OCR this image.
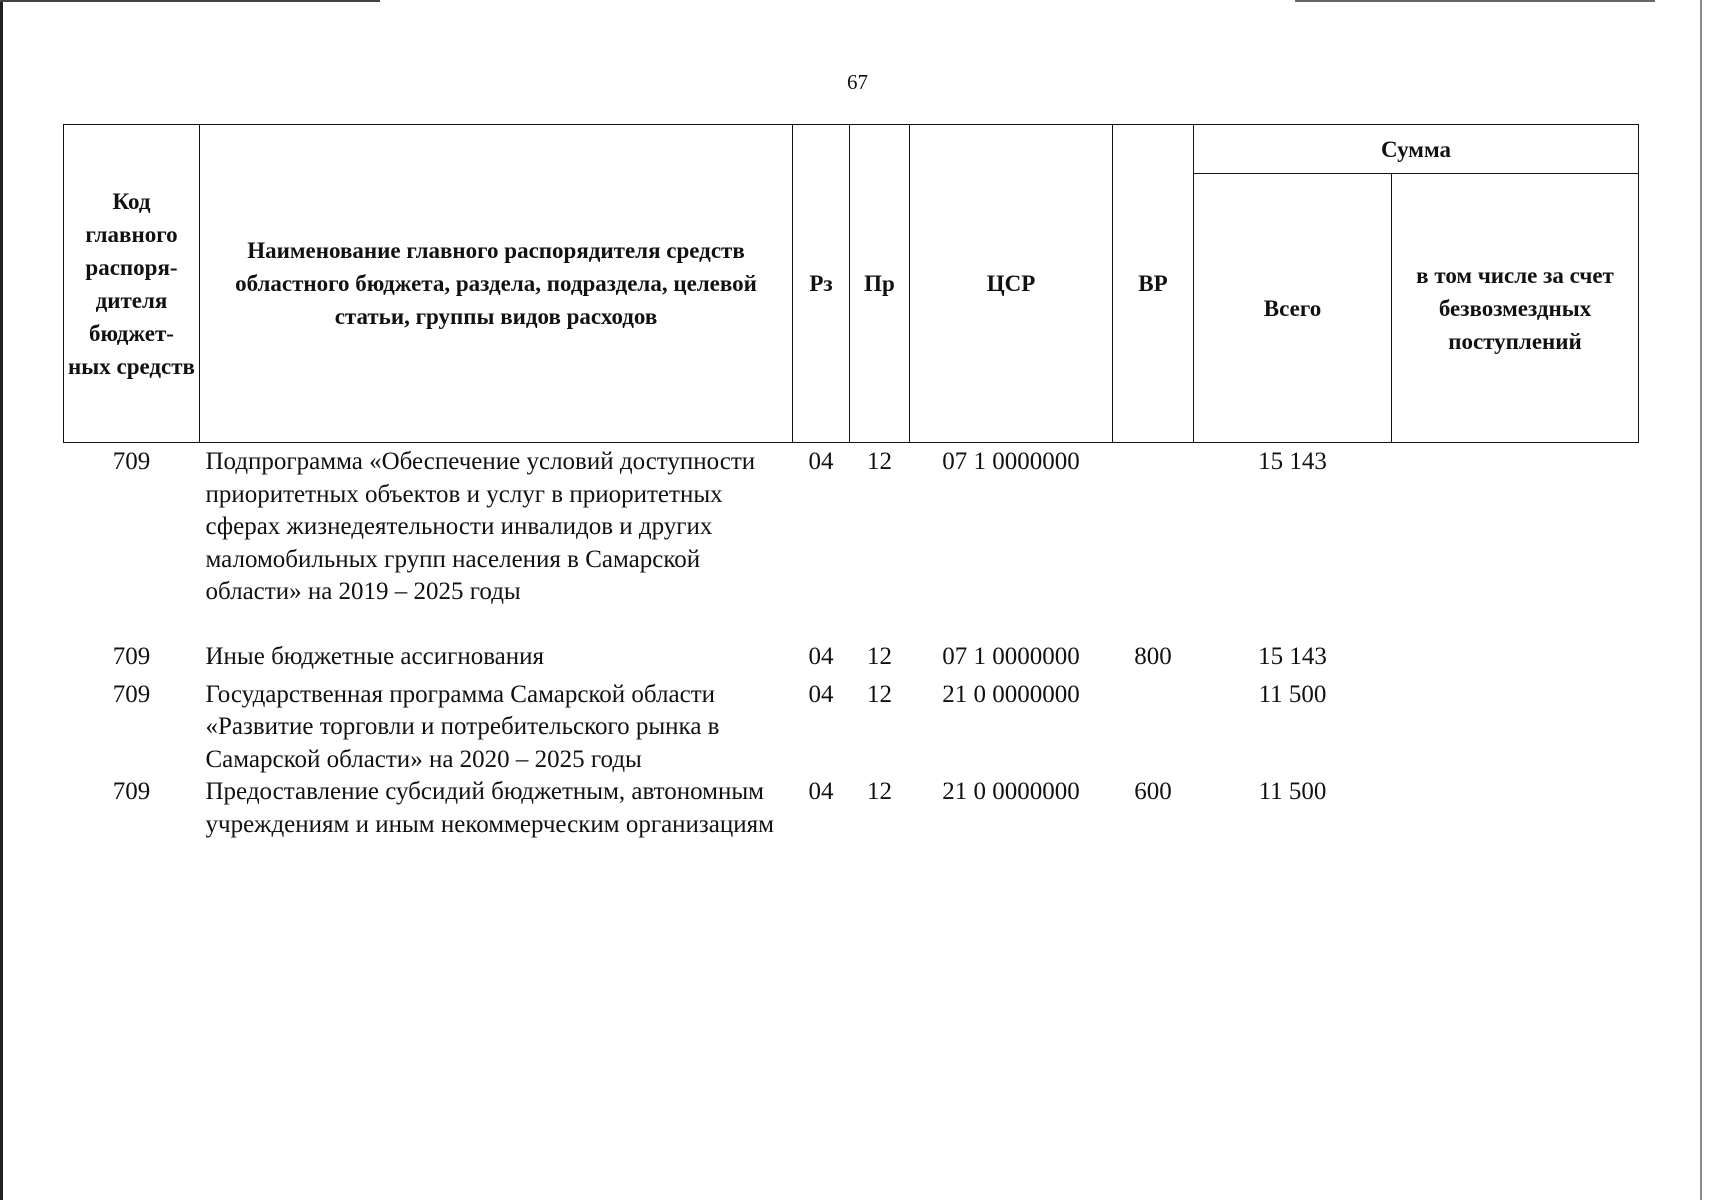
67
Код главного распоря-дителя бюджет-ных средств	Наименование главного распорядителя средств областного бюджета, раздела, подраздела, целевой статьи, группы видов расходов	Рз	Пр	ЦСР	ВР	Сумма	
						Всего	в том числе за счет безвозмездных поступлений
709	Подпрограмма «Обеспечение условий доступности приоритетных объектов и услуг в приоритетных сферах жизнедеятельности инвалидов и других маломобильных групп населения в Самарской области» на 2019 – 2025 годы	04	12	07 1 0000000		15 143	
709	Иные бюджетные ассигнования	04	12	07 1 0000000	800	15 143	
709	Государственная программа Самарской области «Развитие торговли и потребительского рынка в Самарской области» на 2020 – 2025 годы	04	12	21 0 0000000		11 500	
709	Предоставление субсидий бюджетным, автономным учреждениям и иным некоммерческим организациям	04	12	21 0 0000000	600	11 500	
